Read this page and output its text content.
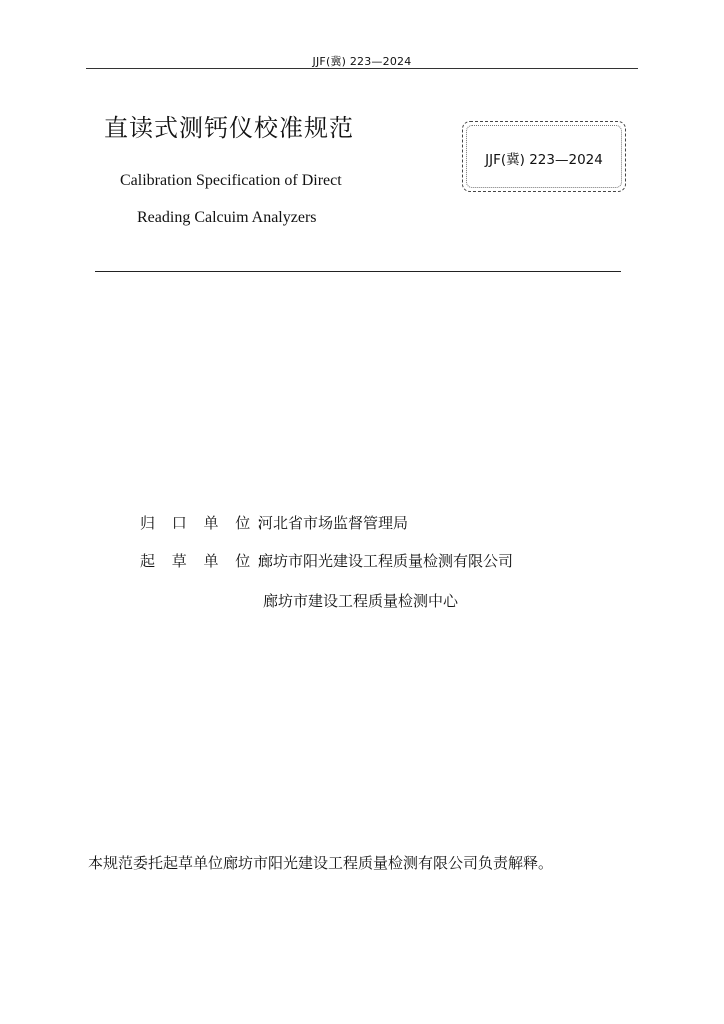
JJF(冀) 223—2024
直读式测钙仪校准规范
Calibration Specification of Direct
Reading Calcuim Analyzers
JJF(冀) 223—2024
归 口 单 位：河北省市场监督管理局
起 草 单 位：廊坊市阳光建设工程质量检测有限公司
廊坊市建设工程质量检测中心
本规范委托起草单位廊坊市阳光建设工程质量检测有限公司负责解释。
